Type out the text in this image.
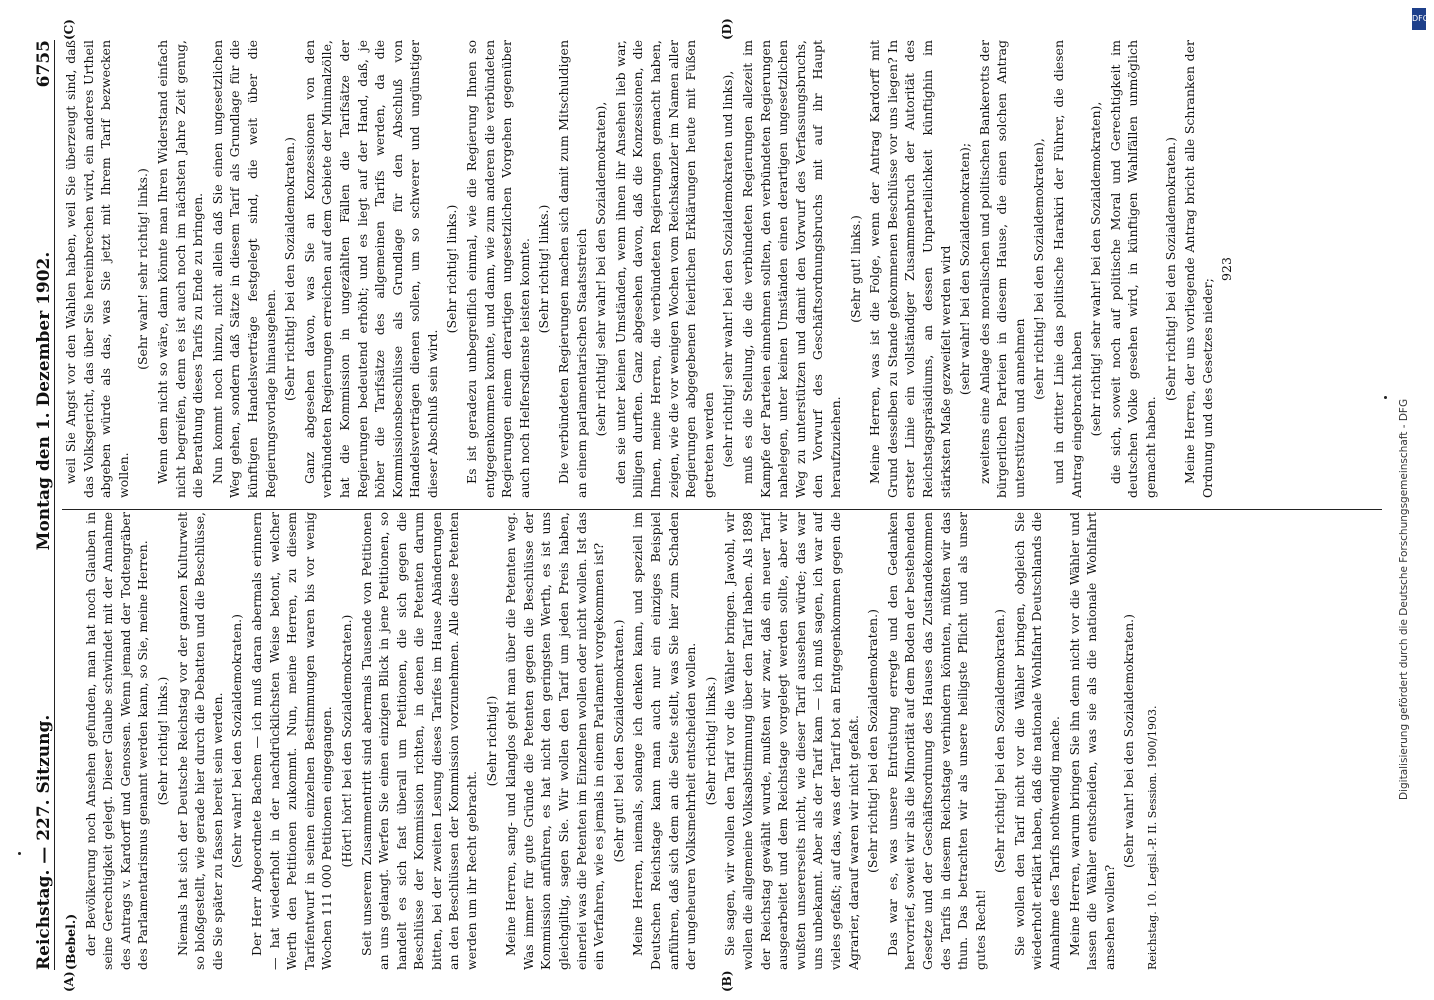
Reichstag. — 227. Sitzung.
Montag den 1. Dezember 1902.
6755

(Bebel.) der Bevölkerung noch Ansehen gefunden, man hat noch Glauben in seine Gerechtigkeit gelegt. Dieser Glaube schwindet mit der Annahme des Antrags v. Kardorff und Genossen. Wenn jemand der Todtengräber des Parlamentarismus genannt werden kann, so Sie, meine Herren. (Sehr richtig! links.) Niemals hat sich der Deutsche Reichstag vor der ganzen Kulturwelt so bloßgestellt, wie gerade hier durch die Debatten und die Beschlüsse, die Sie später zu fassen bereit sein werden. (Sehr wahr! bei den Sozialdemokraten.) Der Herr Abgeordnete Bachem — ich muß daran abermals erinnern — hat wiederholt in der nachdrücklichsten Weise betont, welcher Werth den Petitionen zukommt. Nun, meine Herren, zu diesem Tarifentwurf in seinen einzelnen Bestimmungen waren bis vor wenig Wochen 111 000 Petitionen eingegangen. (Hört! hört! bei den Sozialdemokraten.) Seit unserem Zusammentritt sind abermals Tausende von Petitionen an uns gelangt. Werfen Sie einen einzigen Blick in jene Petitionen, so handelt es sich fast überall um Petitionen, die sich gegen die Beschlüsse der Kommission richten, in denen die Petenten darum bitten, bei der zweiten Lesung dieses Tarifes im Hause Abänderungen an den Beschlüssen der Kommission vorzunehmen. Alle diese Petenten werden um ihr Recht gebracht.

(Sehr richtig!) Meine Herren, sang- und klanglos geht man über die Petenten weg. Was immer für gute Gründe die Petenten gegen die Beschlüsse der Kommission anführen, es hat nicht den geringsten Werth, es ist uns gleichgiltig, sagen Sie. Wir wollen den Tarif um jeden Preis haben, einerlei was die Petenten im Einzelnen wollen oder nicht wollen. Ist das ein Verfahren, wie es jemals in einem Parlament vorgekommen ist? (Sehr gut! bei den Sozialdemokraten.) Meine Herren, niemals, solange ich denken kann, und speziell im Deutschen Reichstage kann man auch nur ein einziges Beispiel anführen, daß sich dem an die Seite stellt, was Sie hier zum Schaden der ungeheuren Volksmehrheit entscheiden wollen. (Sehr richtig! links.) Sie sagen, wir wollen den Tarif vor die Wähler bringen. Jawohl, wir wollen die allgemeine Volksabstimmung über den Tarif haben. Als 1898 der Reichstag gewählt wurde, mußten wir zwar, daß ein neuer Tarif ausgearbeitet und dem Reichstage vorgelegt werden sollte, aber wir wußten unsererseits nicht, wie dieser Tarif aussehen würde; das war uns unbekannt. Aber als der Tarif kam — ich muß sagen, ich war auf vieles gefaßt; auf das, was der Tarif bot an Entgegenkommen gegen die Agrarier, darauf waren wir nicht gefaßt. (Sehr richtig! bei den Sozialdemokraten.) Das war es, was unsere Entrüstung erregte und den Gedanken hervorrief, soweit wir als die Minorität auf dem Boden der bestehenden Gesetze und der Geschäftsordnung des Hauses das Zustandekommen des Tarifs in diesem Reichstage verhindern könnten, müßten wir das thun. Das betrachten wir als unsere heiligste Pflicht und als unser gutes Recht!

(Sehr richtig! bei den Sozialdemokraten.) Sie wollen den Tarif nicht vor die Wähler bringen, obgleich Sie wiederholt erklärt haben, daß die nationale Wohlfahrt Deutschlands die Annahme des Tarifs nothwendig mache. Meine Herren, warum bringen Sie ihn denn nicht vor die Wähler und lassen die Wähler entscheiden, was sie als die nationale Wohlfahrt ansehen wollen?

(Sehr wahr! bei den Sozialdemokraten.) Reichstag. 10. Legisl.-P. II. Session. 1900/1903.

weil Sie Angst vor den Wahlen haben, weil Sie überzeugt sind, daß das Volksgericht, das über Sie hereinbrechen wird, ein anderes Urtheil abgeben würde als das, was Sie jetzt mit Ihrem Tarif bezwecken wollen.

(Sehr wahr! sehr richtig! links.) Wenn dem nicht so wäre, dann könnte man Ihren Widerstand einfach nicht begreifen, denn es ist auch noch im nächsten Jahre Zeit genug, die Berathung dieses Tarifs zu Ende zu bringen. Nun kommt noch hinzu, nicht allein daß Sie einen ungesetzlichen Weg gehen, sondern daß Sätze in diesem Tarif als Grundlage für die künftigen Handelsverträge festgelegt sind, die weit über die Regierungsvorlage hinausgehen. (Sehr richtig! bei den Sozialdemokraten.) Ganz abgesehen davon, was Sie an Konzessionen von den verbündeten Regierungen erreichen auf dem Gebiete der Minimalzölle, hat die Kommission in ungezählten Fällen die Tarifsätze der Regierungen bedeutend erhöht; und es liegt auf der Hand, daß, je höher die Tarifsätze des allgemeinen Tarifs werden, da die Kommissionsbeschlüsse als Grundlage für den Abschluß von Handelsverträgen dienen sollen, um so schwerer und ungünstiger dieser Abschluß sein wird.

(Sehr richtig! links.) Es ist geradezu unbegreiflich einmal, wie die Regierung Ihnen so entgegenkommen konnte, und dann, wie zum anderen die verbündeten Regierungen einem derartigen ungesetzlichen Vorgehen gegenüber auch noch Helfersdienste leisten konnte. (Sehr richtig! links.) Die verbündeten Regierungen machen sich damit zum Mitschuldigen an einem parlamentarischen Staatsstreich (sehr richtig! sehr wahr! bei den Sozialdemokraten), den sie unter keinen Umständen, wenn ihnen ihr Ansehen lieb war, billigen durften. Ganz abgesehen davon, daß die Konzessionen, die Ihnen, meine Herren, die verbündeten Regierungen gemacht haben, zeigen, wie die vor wenigen Wochen vom Reichskanzler im Namen aller Regierungen abgegebenen feierlichen Erklärungen heute mit Füßen getreten werden (sehr richtig! sehr wahr! bei den Sozialdemokraten und links), muß es die Stellung, die die verbündeten Regierungen allezeit im Kampfe der Parteien einnehmen sollten, den verbündeten Regierungen nahelegen, unter keinen Umständen einen derartigen ungesetzlichen Weg zu unterstützen und damit den Vorwurf des Verfassungsbruchs, den Vorwurf des Geschäftsordnungsbruchs mit auf ihr Haupt heraufzuziehen.

(Sehr gut! links.) Meine Herren, was ist die Folge, wenn der Antrag Kardorff mit Grund desselben zu Stande gekommenen Beschlüsse vor uns liegen? In erster Linie ein vollständiger Zusammenbruch der Autorität des Reichstagspräsidiums, an dessen Unparteilichkeit künftighin im stärksten Maße gezweifelt werden wird (sehr wahr! bei den Sozialdemokraten); zweitens eine Anlage des moralischen und politischen Bankerotts der bürgerlichen Parteien in diesem Hause, die einen solchen Antrag unterstützen und annehmen

(sehr richtig! bei den Sozialdemokraten), und in dritter Linie das politische Harakiri der Führer, die diesen Antrag eingebracht haben (sehr richtig! sehr wahr! bei den Sozialdemokraten), die sich, soweit noch auf politische Moral und Gerechtigkeit im deutschen Volke gesehen wird, in künftigen Wahlfällen unmöglich gemacht haben.

(Sehr richtig! bei den Sozialdemokraten.) Meine Herren, der uns vorliegende Antrag bricht alle Schranken der Ordnung und des Gesetzes nieder;

923

(A)	(B)
(C)	(D)	DFG
Digitalisierung gefördert durch die Deutsche Forschungsgemeinschaft - DFG
